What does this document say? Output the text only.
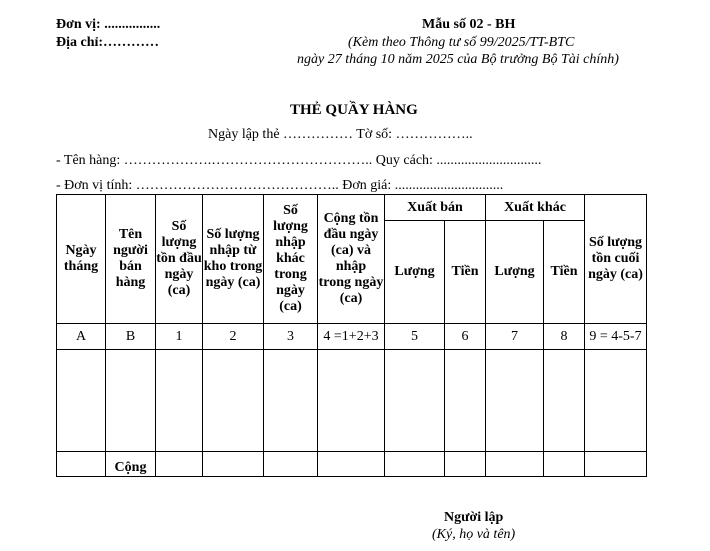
Đơn vị: ................
Địa chỉ:…………
Mẫu số 02 - BH
(Kèm theo Thông tư số 99/2025/TT-BTC
ngày 27 tháng 10 năm 2025 của Bộ trưởng Bộ Tài chính)
THẺ QUẦY HÀNG
Ngày lập thẻ …………… Tờ số: ……………..
- Tên hàng: ……………….…………………………….. Quy cách: ..............................
- Đơn vị tính: …………………………………….. Đơn giá: ...............................
Ngày tháng	Tên người bán hàng	Số lượng tồn đầu ngày (ca)	Số lượng nhập từ kho trong ngày (ca)	Số lượng nhập khác trong ngày (ca)	Cộng tồn đầu ngày (ca) và nhập trong ngày (ca)	Xuất bán		Xuất khác		Số lượng tồn cuối ngày (ca)
						Lượng	Tiền	Lượng	Tiền	
A	B	1	2	3	4 =1+2+3	5	6	7	8	9 = 4-5-7

	Cộng									
Người lập
(Ký, họ và tên)
